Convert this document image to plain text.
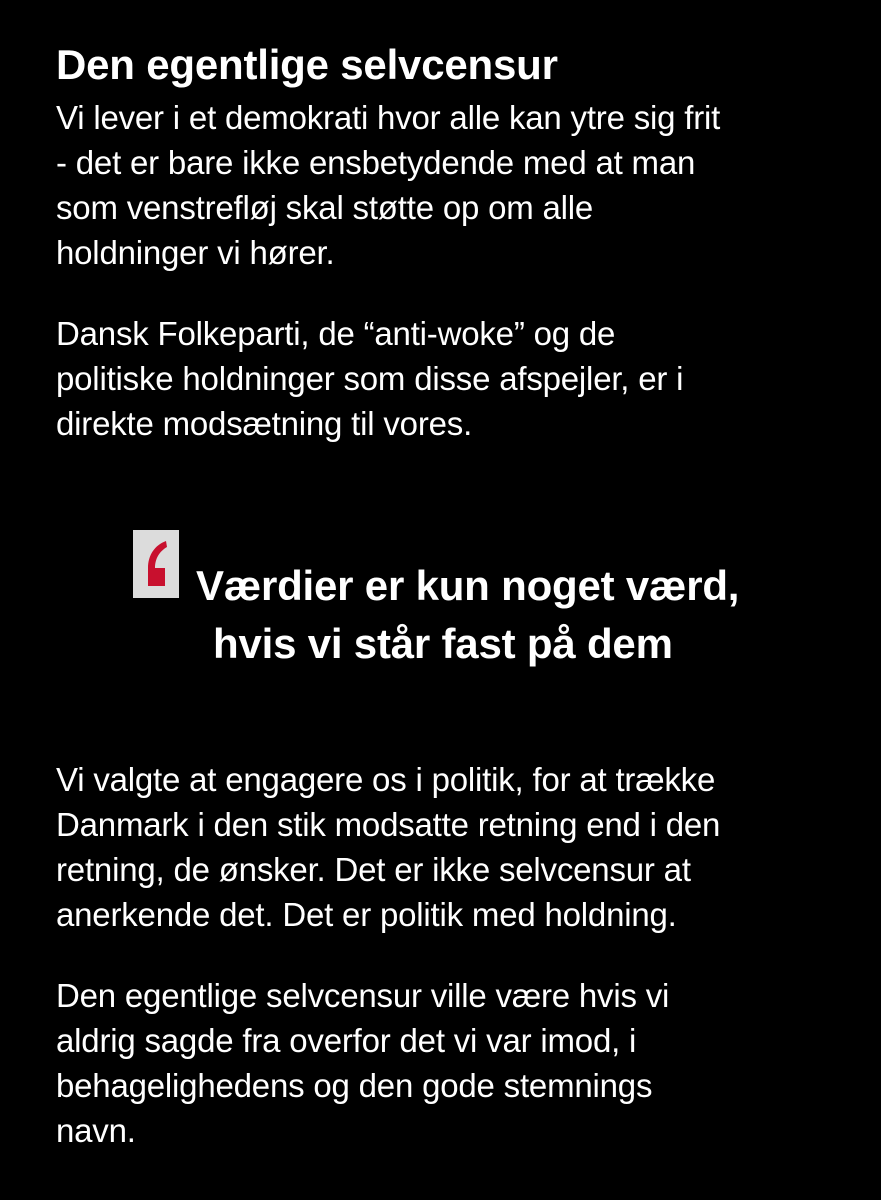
Den egentlige selvcensur

Vi lever i et demokrati hvor alle kan ytre sig frit
- det er bare ikke ensbetydende med at man
som venstrefløj skal støtte op om alle
holdninger vi hører.

Dansk Folkeparti, de “anti-woke” og de
politiske holdninger som disse afspejler, er i
direkte modsætning til vores.

Værdier er kun noget værd,
hvis vi står fast på dem

Vi valgte at engagere os i politik, for at trække
Danmark i den stik modsatte retning end i den
retning, de ønsker. Det er ikke selvcensur at
anerkende det. Det er politik med holdning.

Den egentlige selvcensur ville være hvis vi
aldrig sagde fra overfor det vi var imod, i
behagelighedens og den gode stemnings
navn.
